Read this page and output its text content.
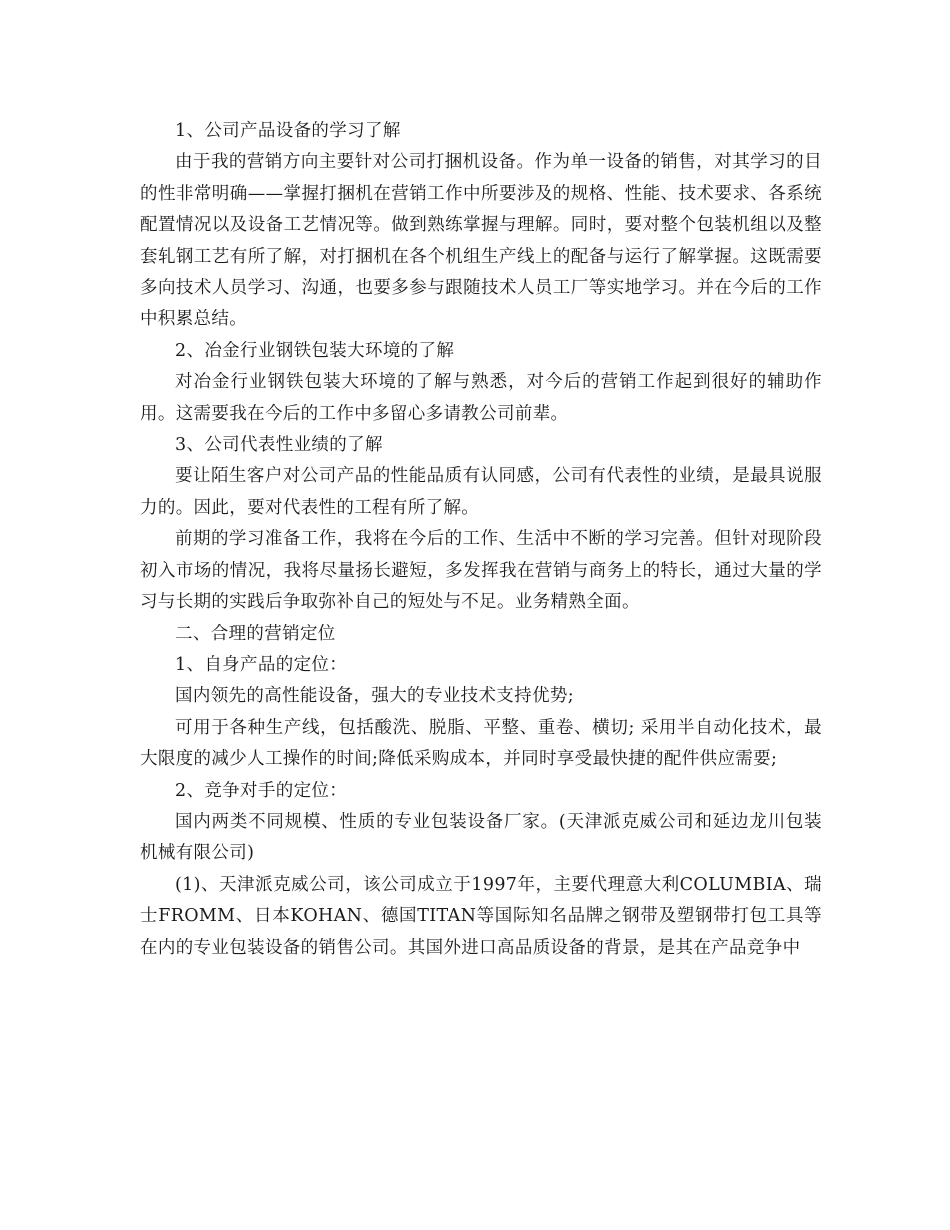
1、公司产品设备的学习了解

由于我的营销方向主要针对公司打捆机设备。作为单一设备的销售，对其学习的目的性非常明确——掌握打捆机在营销工作中所要涉及的规格、性能、技术要求、各系统配置情况以及设备工艺情况等。做到熟练掌握与理解。同时，要对整个包装机组以及整套轧钢工艺有所了解，对打捆机在各个机组生产线上的配备与运行了解掌握。这既需要多向技术人员学习、沟通，也要多参与跟随技术人员工厂等实地学习。并在今后的工作中积累总结。

2、冶金行业钢铁包装大环境的了解

对冶金行业钢铁包装大环境的了解与熟悉，对今后的营销工作起到很好的辅助作用。这需要我在今后的工作中多留心多请教公司前辈。

3、公司代表性业绩的了解

要让陌生客户对公司产品的性能品质有认同感，公司有代表性的业绩，是最具说服力的。因此，要对代表性的工程有所了解。

前期的学习准备工作，我将在今后的工作、生活中不断的学习完善。但针对现阶段初入市场的情况，我将尽量扬长避短，多发挥我在营销与商务上的特长，通过大量的学习与长期的实践后争取弥补自己的短处与不足。业务精熟全面。

二、合理的营销定位

1、自身产品的定位：

国内领先的高性能设备，强大的专业技术支持优势;

可用于各种生产线，包括酸洗、脱脂、平整、重卷、横切; 采用半自动化技术，最大限度的减少人工操作的时间;降低采购成本，并同时享受最快捷的配件供应需要;

2、竞争对手的定位：

国内两类不同规模、性质的专业包装设备厂家。(天津派克威公司和延边龙川包装机械有限公司)

(1)、天津派克威公司，该公司成立于1997年，主要代理意大利COLUMBIA、瑞士FROMM、日本KOHAN、德国TITAN等国际知名品牌之钢带及塑钢带打包工具等在内的专业包装设备的销售公司。其国外进口高品质设备的背景，是其在产品竞争中
